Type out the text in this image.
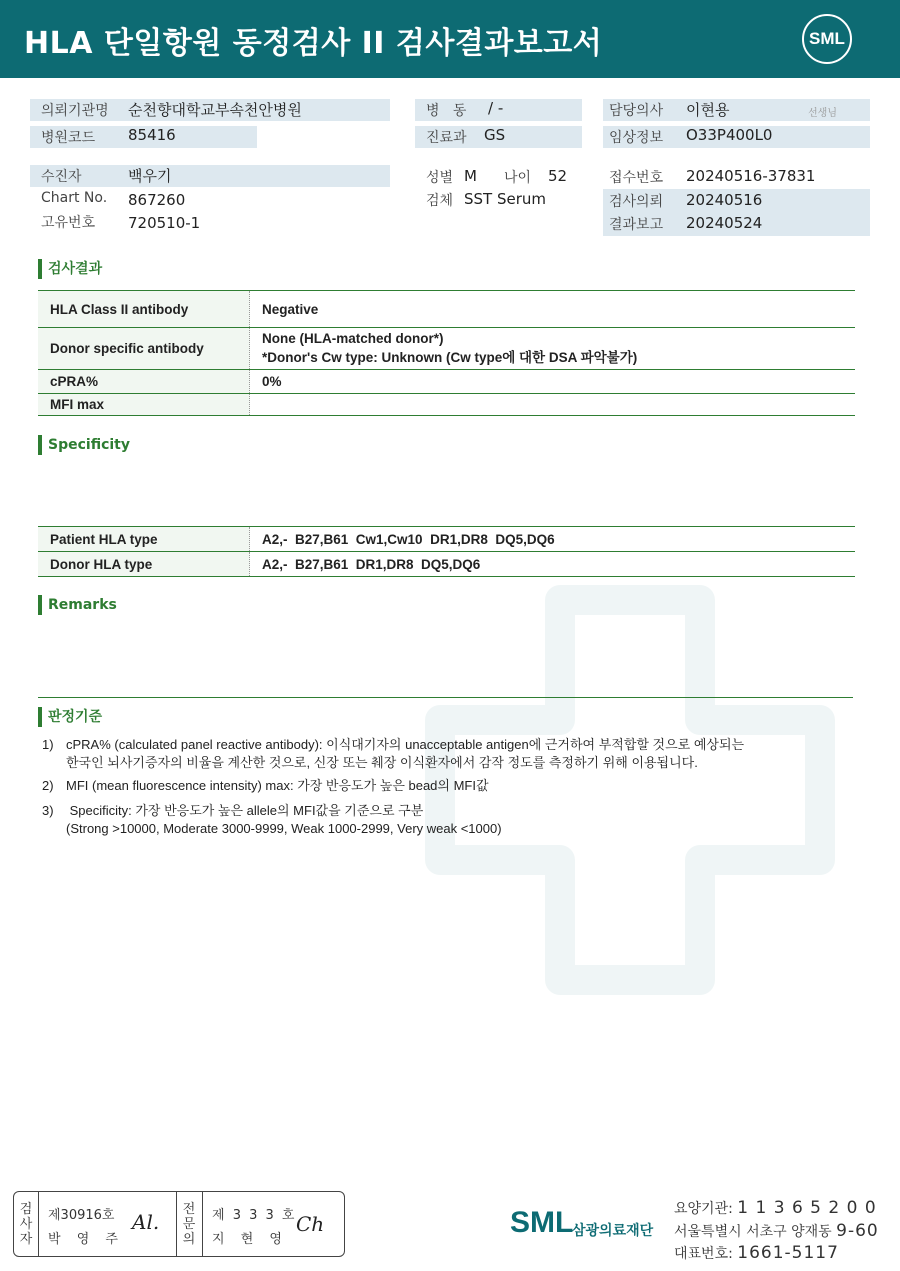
HLA 단일항원 동정검사 II 검사결과보고서	SML
의뢰기관명 순천향대학교부속천안병원
병원코드 85416
병   동 / -
진료과 GS
담당의사 이현용	선생님
임상정보 O33P400L0
수진자	백우기
Chart No. 867260
고유번호 720510-1
성별 M 나이 52
검체 SST Serum
접수번호 20240516-37831
검사의뢰 20240516
결과보고 20240524
검사결과
HLA Class II antibody	Negative
Donor specific antibody	None (HLA-matched donor*)
*Donor's Cw type: Unknown (Cw type에 대한 DSA 파악불가)

cPRA%	0%
MFI max	
Specificity
Patient HLA type	A2,-  B27,B61  Cw1,Cw10  DR1,DR8  DQ5,DQ6
Donor HLA type	A2,-  B27,B61  DR1,DR8  DQ5,DQ6
Remarks
판정기준
1) cPRA% (calculated panel reactive antibody): 이식대기자의 unacceptable antigen에 근거하여 부적합할 것으로 예상되는
한국인 뇌사기증자의 비율을 계산한 것으로, 신장 또는 췌장 이식환자에서 감작 정도를 측정하기 위해 이용됩니다.
2) MFI (mean fluorescence intensity) max: 가장 반응도가 높은 bead의 MFI값
3) Specificity: 가장 반응도가 높은 allele의 MFI값을 기준으로 구분
(Strong >10000, Moderate 3000-9999, Weak 1000-2999, Very weak <1000)
검
사
자
제30916호
박 영 주
Al.
전
문
의
제 3 3 3 호
지 현 영
Ch	SML
삼광의료재단
요양기관: 1 1 3 6 5 2 0 0
서울특별시 서초구 양재동 9-60
대표번호: 1661-5117
